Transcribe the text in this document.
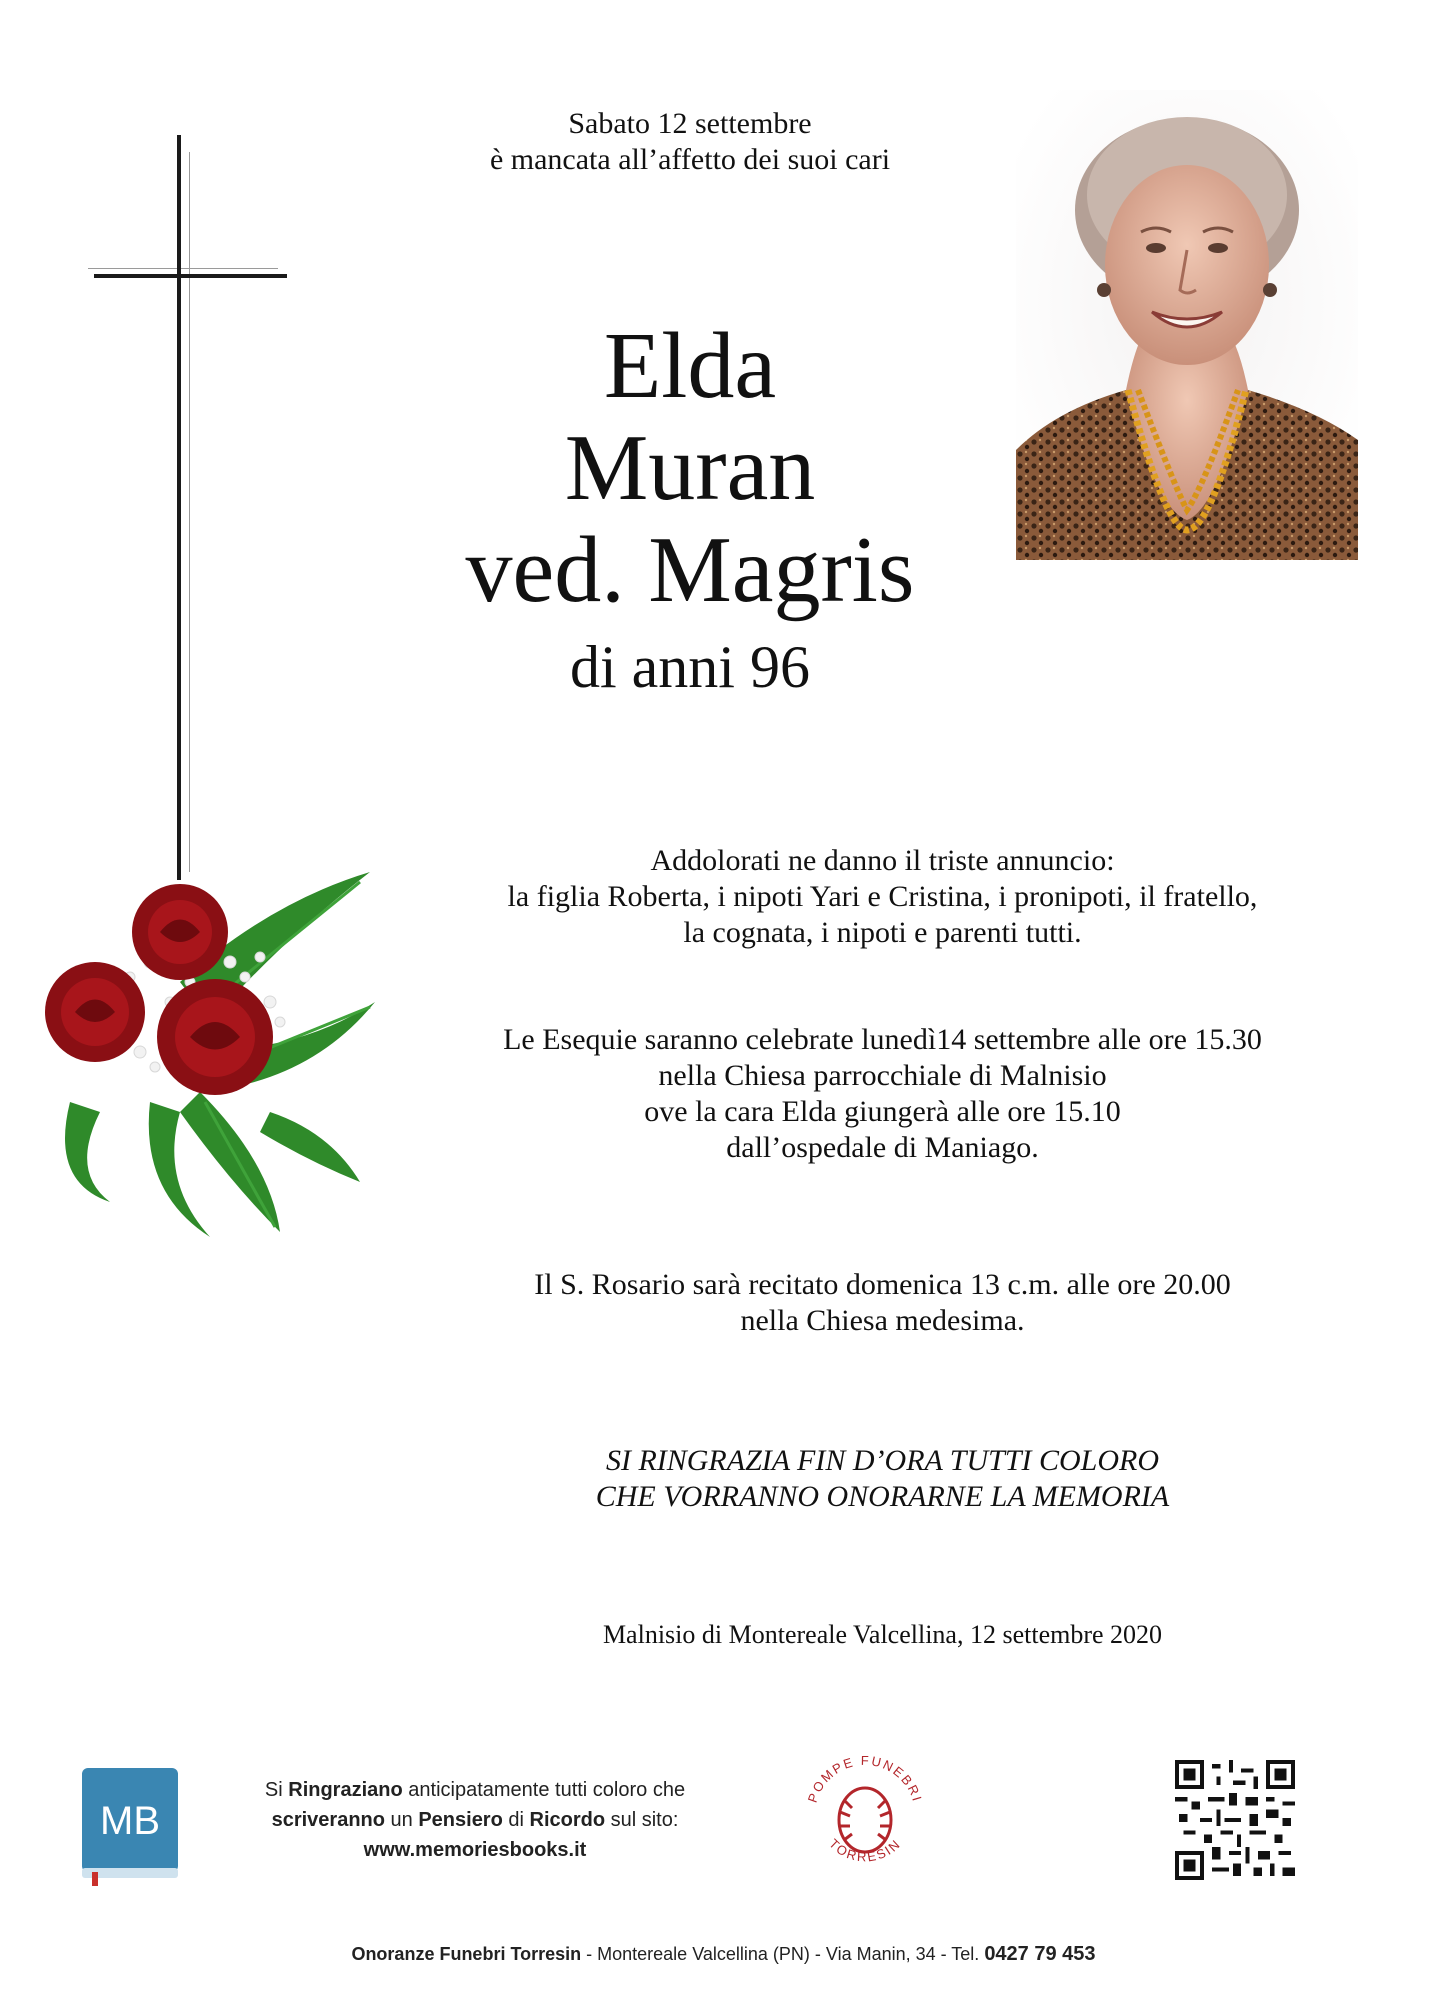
Sabato 12 settembre
è mancata all’affetto dei suoi cari
Elda
Muran
ved. Magris
di anni 96
Addolorati ne danno il triste annuncio:
la figlia Roberta, i nipoti Yari e Cristina, i pronipoti, il fratello,
la cognata, i nipoti e parenti tutti.
Le Esequie saranno celebrate lunedì14 settembre alle ore 15.30
nella Chiesa parrocchiale di Malnisio
ove la cara Elda giungerà alle ore 15.10
dall’ospedale di Maniago.
Il S. Rosario sarà recitato domenica 13 c.m. alle ore 20.00
nella Chiesa medesima.
SI RINGRAZIA FIN D’ORA TUTTI COLORO
CHE VORRANNO ONORARNE LA MEMORIA
Malnisio di Montereale Valcellina, 12 settembre 2020
MB
Si Ringraziano anticipatamente tutti coloro che
scriveranno un Pensiero di Ricordo sul sito:
www.memoriesbooks.it
POMPE FUNEBRI
TORRESIN
Onoranze Funebri Torresin - Montereale Valcellina (PN) - Via Manin, 34 - Tel. 0427 79 453
